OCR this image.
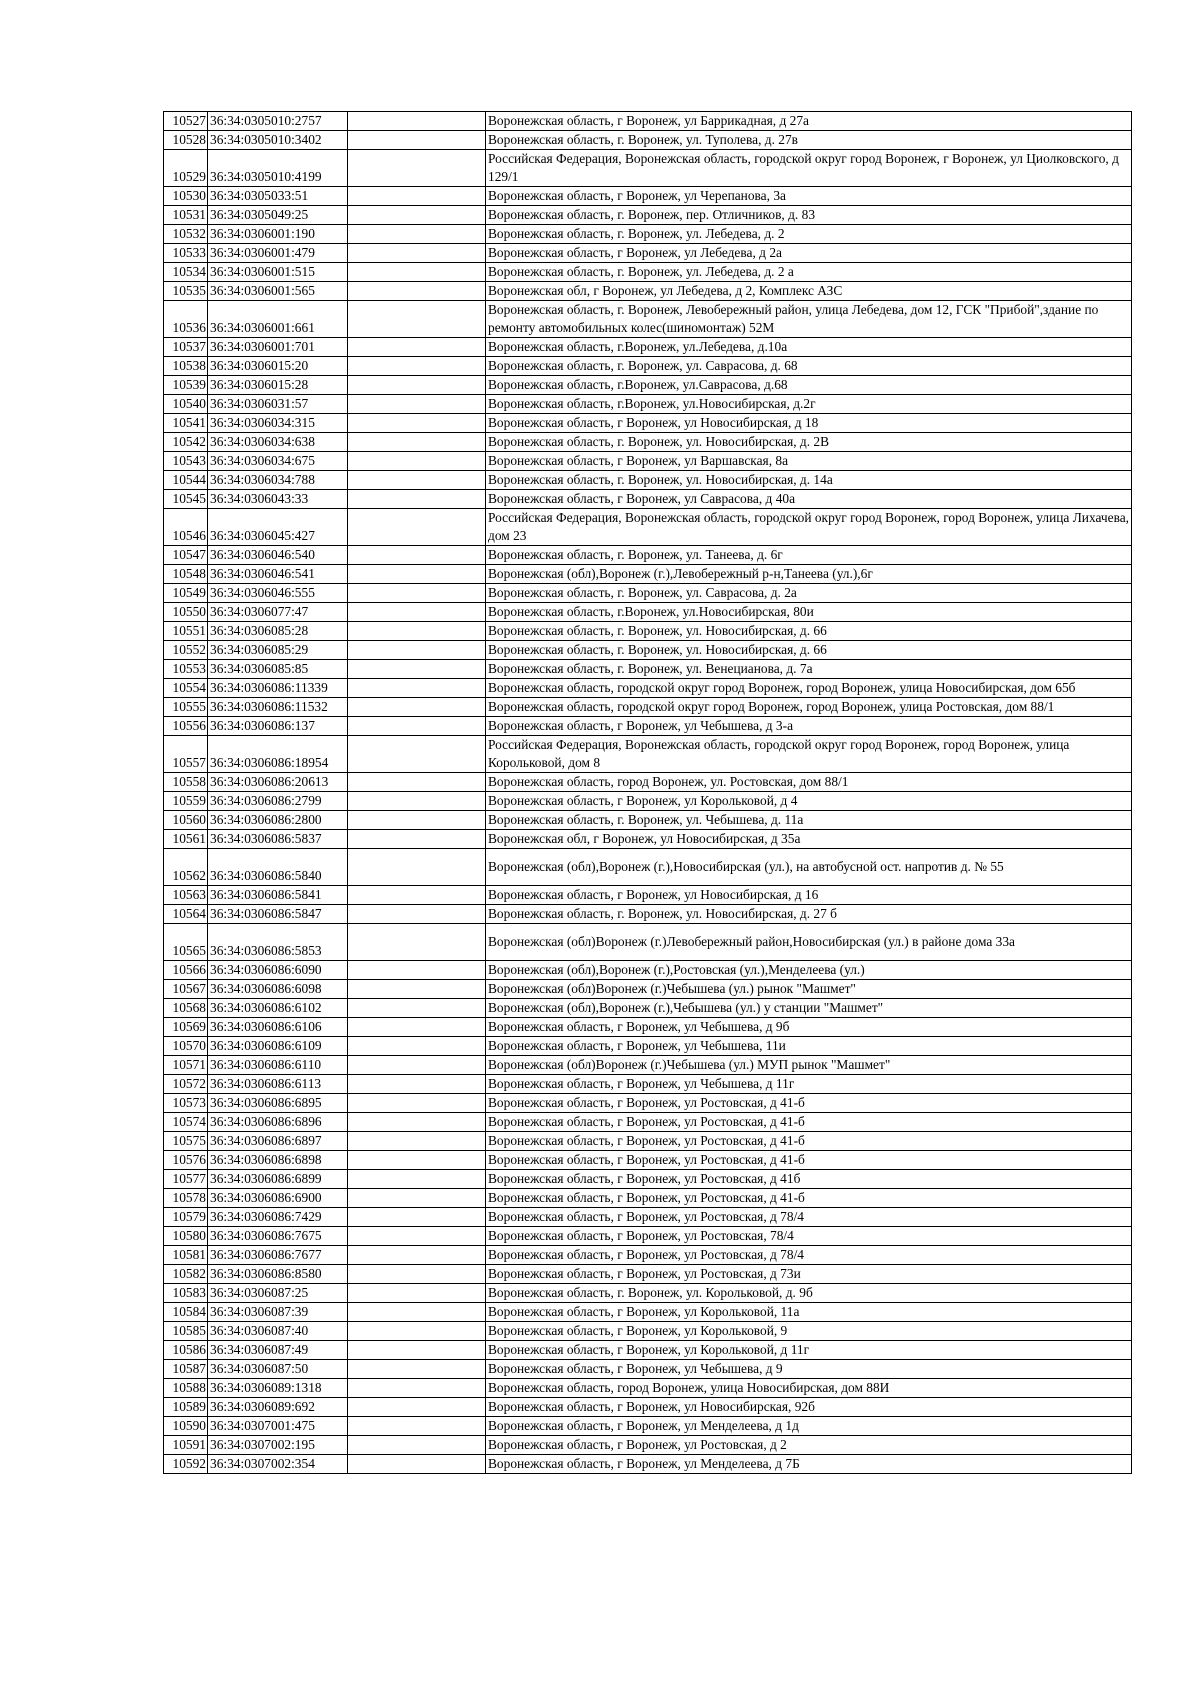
10527	36:34:0305010:2757		Воронежская область, г Воронеж, ул Баррикадная, д 27а
10528	36:34:0305010:3402		Воронежская область, г. Воронеж, ул. Туполева, д. 27в
10529	36:34:0305010:4199		Российская Федерация, Воронежская область, городской округ город Воронеж, г Воронеж, ул Циолковского, д 129/1
10530	36:34:0305033:51		Воронежская область, г Воронеж, ул Черепанова, 3а
10531	36:34:0305049:25		Воронежская область, г. Воронеж, пер. Отличников, д. 83
10532	36:34:0306001:190		Воронежская область, г. Воронеж, ул. Лебедева, д. 2
10533	36:34:0306001:479		Воронежская область, г Воронеж, ул Лебедева, д 2а
10534	36:34:0306001:515		Воронежская область, г. Воронеж, ул. Лебедева, д. 2 а
10535	36:34:0306001:565		Воронежская обл, г Воронеж, ул Лебедева, д 2, Комплекс АЗС
10536	36:34:0306001:661		Воронежская область, г. Воронеж, Левобережный район, улица Лебедева, дом 12, ГСК "Прибой",здание по ремонту автомобильных колес(шиномонтаж) 52М
10537	36:34:0306001:701		Воронежская область, г.Воронеж, ул.Лебедева, д.10а
10538	36:34:0306015:20		Воронежская область, г. Воронеж, ул. Саврасова, д. 68
10539	36:34:0306015:28		Воронежская область, г.Воронеж, ул.Саврасова, д.68
10540	36:34:0306031:57		Воронежская область, г.Воронеж, ул.Новосибирская, д.2г
10541	36:34:0306034:315		Воронежская область, г Воронеж, ул Новосибирская, д 18
10542	36:34:0306034:638		Воронежская область, г. Воронеж, ул. Новосибирская, д. 2В
10543	36:34:0306034:675		Воронежская область, г Воронеж, ул Варшавская, 8а
10544	36:34:0306034:788		Воронежская область, г. Воронеж, ул. Новосибирская, д. 14а
10545	36:34:0306043:33		Воронежская область, г Воронеж, ул Саврасова, д 40а
10546	36:34:0306045:427		Российская Федерация, Воронежская область, городской округ город Воронеж, город Воронеж, улица Лихачева, дом 23
10547	36:34:0306046:540		Воронежская область, г. Воронеж, ул. Танеева, д. 6г
10548	36:34:0306046:541		Воронежская (обл),Воронеж (г.),Левобережный р-н,Танеева (ул.),6г
10549	36:34:0306046:555		Воронежская область, г. Воронеж, ул. Саврасова, д. 2а
10550	36:34:0306077:47		Воронежская область, г.Воронеж, ул.Новосибирская, 80и
10551	36:34:0306085:28		Воронежская область, г. Воронеж, ул. Новосибирская, д. 66
10552	36:34:0306085:29		Воронежская область, г. Воронеж, ул. Новосибирская, д. 66
10553	36:34:0306085:85		Воронежская область, г. Воронеж, ул. Венецианова, д. 7а
10554	36:34:0306086:11339		Воронежская область, городской округ город Воронеж, город Воронеж, улица Новосибирская, дом 65б
10555	36:34:0306086:11532		Воронежская область, городской округ город Воронеж, город Воронеж, улица Ростовская, дом 88/1
10556	36:34:0306086:137		Воронежская область, г Воронеж, ул Чебышева, д 3-а
10557	36:34:0306086:18954		Российская Федерация, Воронежская область, городской округ город Воронеж, город Воронеж, улица Корольковой, дом 8
10558	36:34:0306086:20613		Воронежская область, город Воронеж, ул. Ростовская, дом 88/1
10559	36:34:0306086:2799		Воронежская область, г Воронеж, ул Корольковой, д 4
10560	36:34:0306086:2800		Воронежская область, г. Воронеж, ул. Чебышева, д. 11а
10561	36:34:0306086:5837		Воронежская обл, г Воронеж, ул Новосибирская, д 35а
10562	36:34:0306086:5840		Воронежская (обл),Воронеж (г.),Новосибирская (ул.), на автобусной ост. напротив д. № 55
10563	36:34:0306086:5841		Воронежская область, г Воронеж, ул Новосибирская, д 16
10564	36:34:0306086:5847		Воронежская область, г. Воронеж, ул. Новосибирская, д. 27 б
10565	36:34:0306086:5853		Воронежская (обл)Воронеж (г.)Левобережный район,Новосибирская (ул.) в районе дома 33а
10566	36:34:0306086:6090		Воронежская (обл),Воронеж (г.),Ростовская (ул.),Менделеева (ул.)
10567	36:34:0306086:6098		Воронежская (обл)Воронеж (г.)Чебышева (ул.) рынок "Машмет"
10568	36:34:0306086:6102		Воронежская (обл),Воронеж (г.),Чебышева (ул.) у станции "Машмет"
10569	36:34:0306086:6106		Воронежская область, г Воронеж, ул Чебышева, д 9б
10570	36:34:0306086:6109		Воронежская область, г Воронеж, ул Чебышева, 11и
10571	36:34:0306086:6110		Воронежская (обл)Воронеж (г.)Чебышева (ул.) МУП рынок "Машмет"
10572	36:34:0306086:6113		Воронежская область, г Воронеж, ул Чебышева, д 11г
10573	36:34:0306086:6895		Воронежская область, г Воронеж, ул Ростовская, д 41-б
10574	36:34:0306086:6896		Воронежская область, г Воронеж, ул Ростовская, д 41-б
10575	36:34:0306086:6897		Воронежская область, г Воронеж, ул Ростовская, д 41-б
10576	36:34:0306086:6898		Воронежская область, г Воронеж, ул Ростовская, д 41-б
10577	36:34:0306086:6899		Воронежская область, г Воронеж, ул Ростовская, д 41б
10578	36:34:0306086:6900		Воронежская область, г Воронеж, ул Ростовская, д 41-б
10579	36:34:0306086:7429		Воронежская область, г Воронеж, ул Ростовская, д 78/4
10580	36:34:0306086:7675		Воронежская область, г Воронеж, ул Ростовская, 78/4
10581	36:34:0306086:7677		Воронежская область, г Воронеж, ул Ростовская, д 78/4
10582	36:34:0306086:8580		Воронежская область, г Воронеж, ул Ростовская, д 73и
10583	36:34:0306087:25		Воронежская область, г. Воронеж, ул. Корольковой, д. 9б
10584	36:34:0306087:39		Воронежская область, г Воронеж, ул Корольковой, 11а
10585	36:34:0306087:40		Воронежская область, г Воронеж, ул Корольковой, 9
10586	36:34:0306087:49		Воронежская область, г Воронеж, ул Корольковой, д 11г
10587	36:34:0306087:50		Воронежская область, г Воронеж, ул Чебышева, д 9
10588	36:34:0306089:1318		Воронежская область, город Воронеж, улица Новосибирская, дом 88И
10589	36:34:0306089:692		Воронежская область, г Воронеж, ул Новосибирская, 92б
10590	36:34:0307001:475		Воронежская область, г Воронеж, ул Менделеева, д 1д
10591	36:34:0307002:195		Воронежская область, г Воронеж, ул Ростовская, д 2
10592	36:34:0307002:354		Воронежская область, г Воронеж, ул Менделеева, д 7Б
